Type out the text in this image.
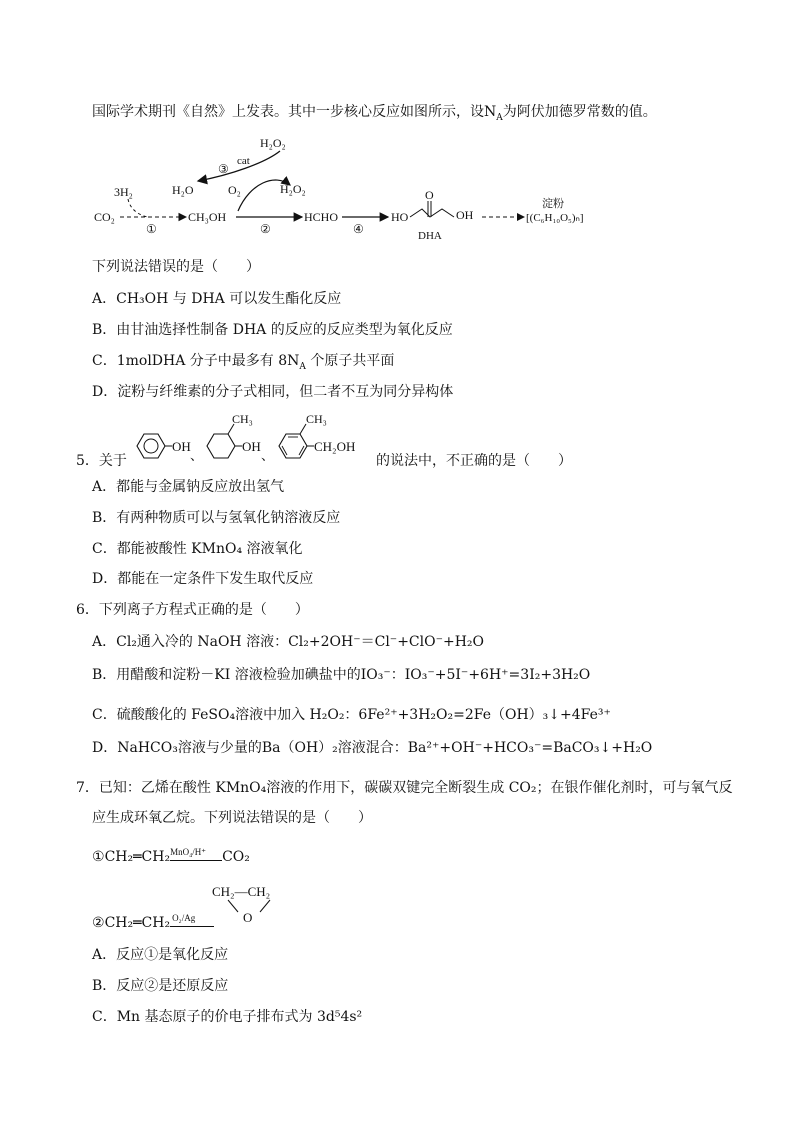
国际学术期刊《自然》上发表。其中一步核心反应如图所示，设$N_A$为阿伏加德罗常数的值。
H₂O₂
cat
③
H₂O	O₂	H₂O₂
3H₂
CO₂
①
CH₃OH
②
HCHO
④
HO
O
OH
DHA
淀粉
[(C₆H₁₀O₅)ₙ]
下列说法错误的是（　　）
A．CH₃OH 与 DHA 可以发生酯化反应
B．由甘油选择性制备 DHA 的反应的反应类型为氧化反应
C．1molDHA 分子中最多有 $8N_A$ 个原子共平面
D．淀粉与纤维素的分子式相同，但二者不互为同分异构体
5．关于
OH
、
CH₃
OH
、
CH₃
CH₂OH
的说法中，不正确的是（　　）
A．都能与金属钠反应放出氢气
B．有两种物质可以与氢氧化钠溶液反应
C．都能被酸性 KMnO₄ 溶液氧化
D．都能在一定条件下发生取代反应
6．下列离子方程式正确的是（　　）
A．Cl₂通入冷的 NaOH 溶液：Cl₂+2OH⁻＝Cl⁻+ClO⁻+H₂O
B．用醋酸和淀粉－KI 溶液检验加碘盐中的IO₃⁻：IO₃⁻+5I⁻+6H⁺=3I₂+3H₂O
C．硫酸酸化的 FeSO₄溶液中加入 H₂O₂：6Fe²⁺+3H₂O₂=2Fe（OH）₃↓+4Fe³⁺
D．NaHCO₃溶液与少量的Ba（OH）₂溶液混合：Ba²⁺+OH⁻+HCO₃⁻=BaCO₃↓+H₂O
7．已知：乙烯在酸性 KMnO₄溶液的作用下，碳碳双键完全断裂生成 CO₂；在银作催化剂时，可与氧气反
应生成环氧乙烷。下列说法错误的是（　　）
①CH₂═CH₂ MnO₄/H⁺ CO₂
CH₂—CH₂
O
②CH₂═CH₂ O₂/Ag
A．反应①是氧化反应
B．反应②是还原反应
C．Mn 基态原子的价电子排布式为 3d⁵4s²
